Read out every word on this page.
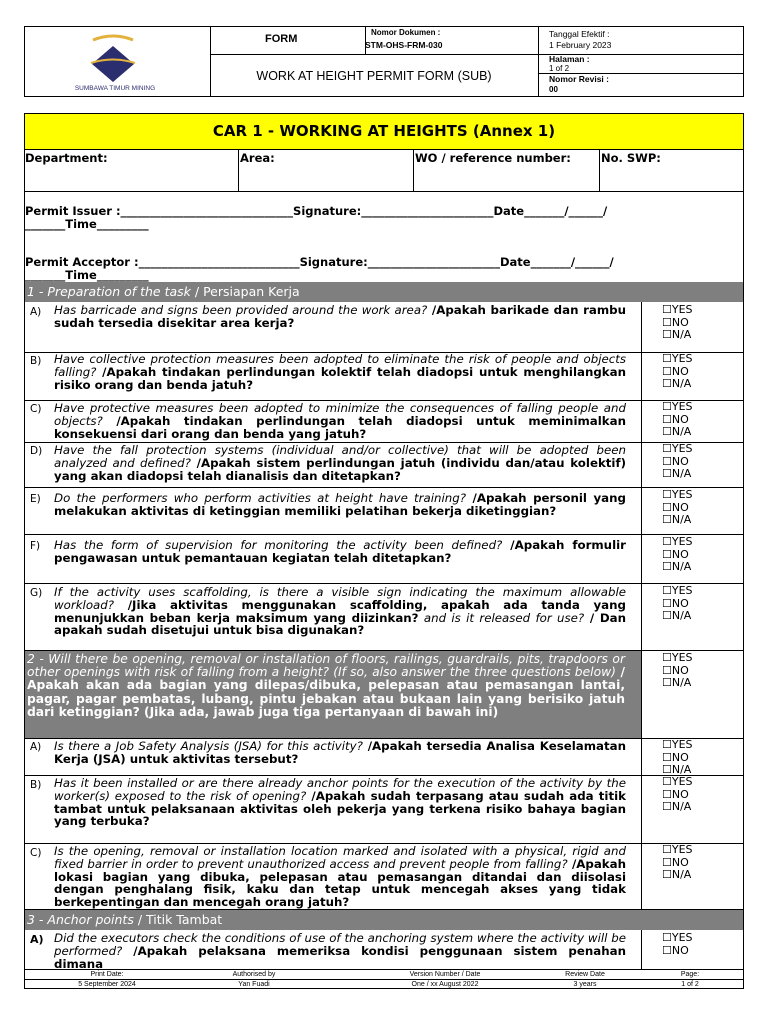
SUMBAWA TIMUR MINING
FORM
Nomor Dokumen :
STM-OHS-FRM-030
Tanggal Efektif :
1 February 2023
WORK AT HEIGHT PERMIT FORM (SUB)
Halaman :
1 of 2
Nomor Revisi :
00
CAR 1 - WORKING AT HEIGHTS (Annex 1)
Department:	Area:	WO / reference number:	No. SWP:
Permit Issuer :______________________________Signature:_______________________Date_______/______/
_______Time_________
Permit Acceptor :____________________________Signature:_______________________Date_______/______/
_______Time_________
1 - Preparation of the task / Persiapan Kerja
A) Has barricade and signs been provided around the work area? /Apakah barikade dan rambu sudah tersedia disekitar area kerja?
☐YES
☐NO
☐N/A
B) Have collective protection measures been adopted to eliminate the risk of people and objects falling? /Apakah tindakan perlindungan kolektif telah diadopsi untuk menghilangkan risiko orang dan benda jatuh?
☐YES
☐NO
☐N/A
C) Have protective measures been adopted to minimize the consequences of falling people and objects? /Apakah tindakan perlindungan telah diadopsi untuk meminimalkan konsekuensi dari orang dan benda yang jatuh?
☐YES
☐NO
☐N/A
D) Have the fall protection systems (individual and/or collective) that will be adopted been analyzed and defined? /Apakah sistem perlindungan jatuh (individu dan/atau kolektif) yang akan diadopsi telah dianalisis dan ditetapkan?
☐YES
☐NO
☐N/A
E) Do the performers who perform activities at height have training? /Apakah personil yang melakukan aktivitas di ketinggian memiliki pelatihan bekerja diketinggian?
☐YES
☐NO
☐N/A
F) Has the form of supervision for monitoring the activity been defined? /Apakah formulir pengawasan untuk pemantauan kegiatan telah ditetapkan?
☐YES
☐NO
☐N/A
G) If the activity uses scaffolding, is there a visible sign indicating the maximum allowable workload? /Jika aktivitas menggunakan scaffolding, apakah ada tanda yang menunjukkan beban kerja maksimum yang diizinkan? and is it released for use? / Dan apakah sudah disetujui untuk bisa digunakan?
☐YES
☐NO
☐N/A
2 - Will there be opening, removal or installation of floors, railings, guardrails, pits, trapdoors or other openings with risk of falling from a height? (If so, also answer the three questions below) / Apakah akan ada bagian yang dilepas/dibuka, pelepasan atau pemasangan lantai, pagar, pagar pembatas, lubang, pintu jebakan atau bukaan lain yang berisiko jatuh dari ketinggian? (Jika ada, jawab juga tiga pertanyaan di bawah ini)
☐YES
☐NO
☐N/A
A) Is there a Job Safety Analysis (JSA) for this activity? /Apakah tersedia Analisa Keselamatan Kerja (JSA) untuk aktivitas tersebut?
☐YES
☐NO
☐N/A
B) Has it been installed or are there already anchor points for the execution of the activity by the worker(s) exposed to the risk of opening? /Apakah sudah terpasang atau sudah ada titik tambat untuk pelaksanaan aktivitas oleh pekerja yang terkena risiko bahaya bagian yang terbuka?
☐YES
☐NO
☐N/A
C) Is the opening, removal or installation location marked and isolated with a physical, rigid and fixed barrier in order to prevent unauthorized access and prevent people from falling? /Apakah lokasi bagian yang dibuka, pelepasan atau pemasangan ditandai dan diisolasi dengan penghalang fisik, kaku dan tetap untuk mencegah akses yang tidak berkepentingan dan mencegah orang jatuh?
☐YES
☐NO
☐N/A
3 - Anchor points / Titik Tambat
A) Did the executors check the conditions of use of the anchoring system where the activity will be performed? /Apakah pelaksana memeriksa kondisi penggunaan sistem penahan dimana
☐YES
☐NO
Print Date:
5 September 2024
Authorised by
Yan Fuadi
Version Number / Date
One / xx August 2022
Review Date
3 years
Page:
1 of 2
